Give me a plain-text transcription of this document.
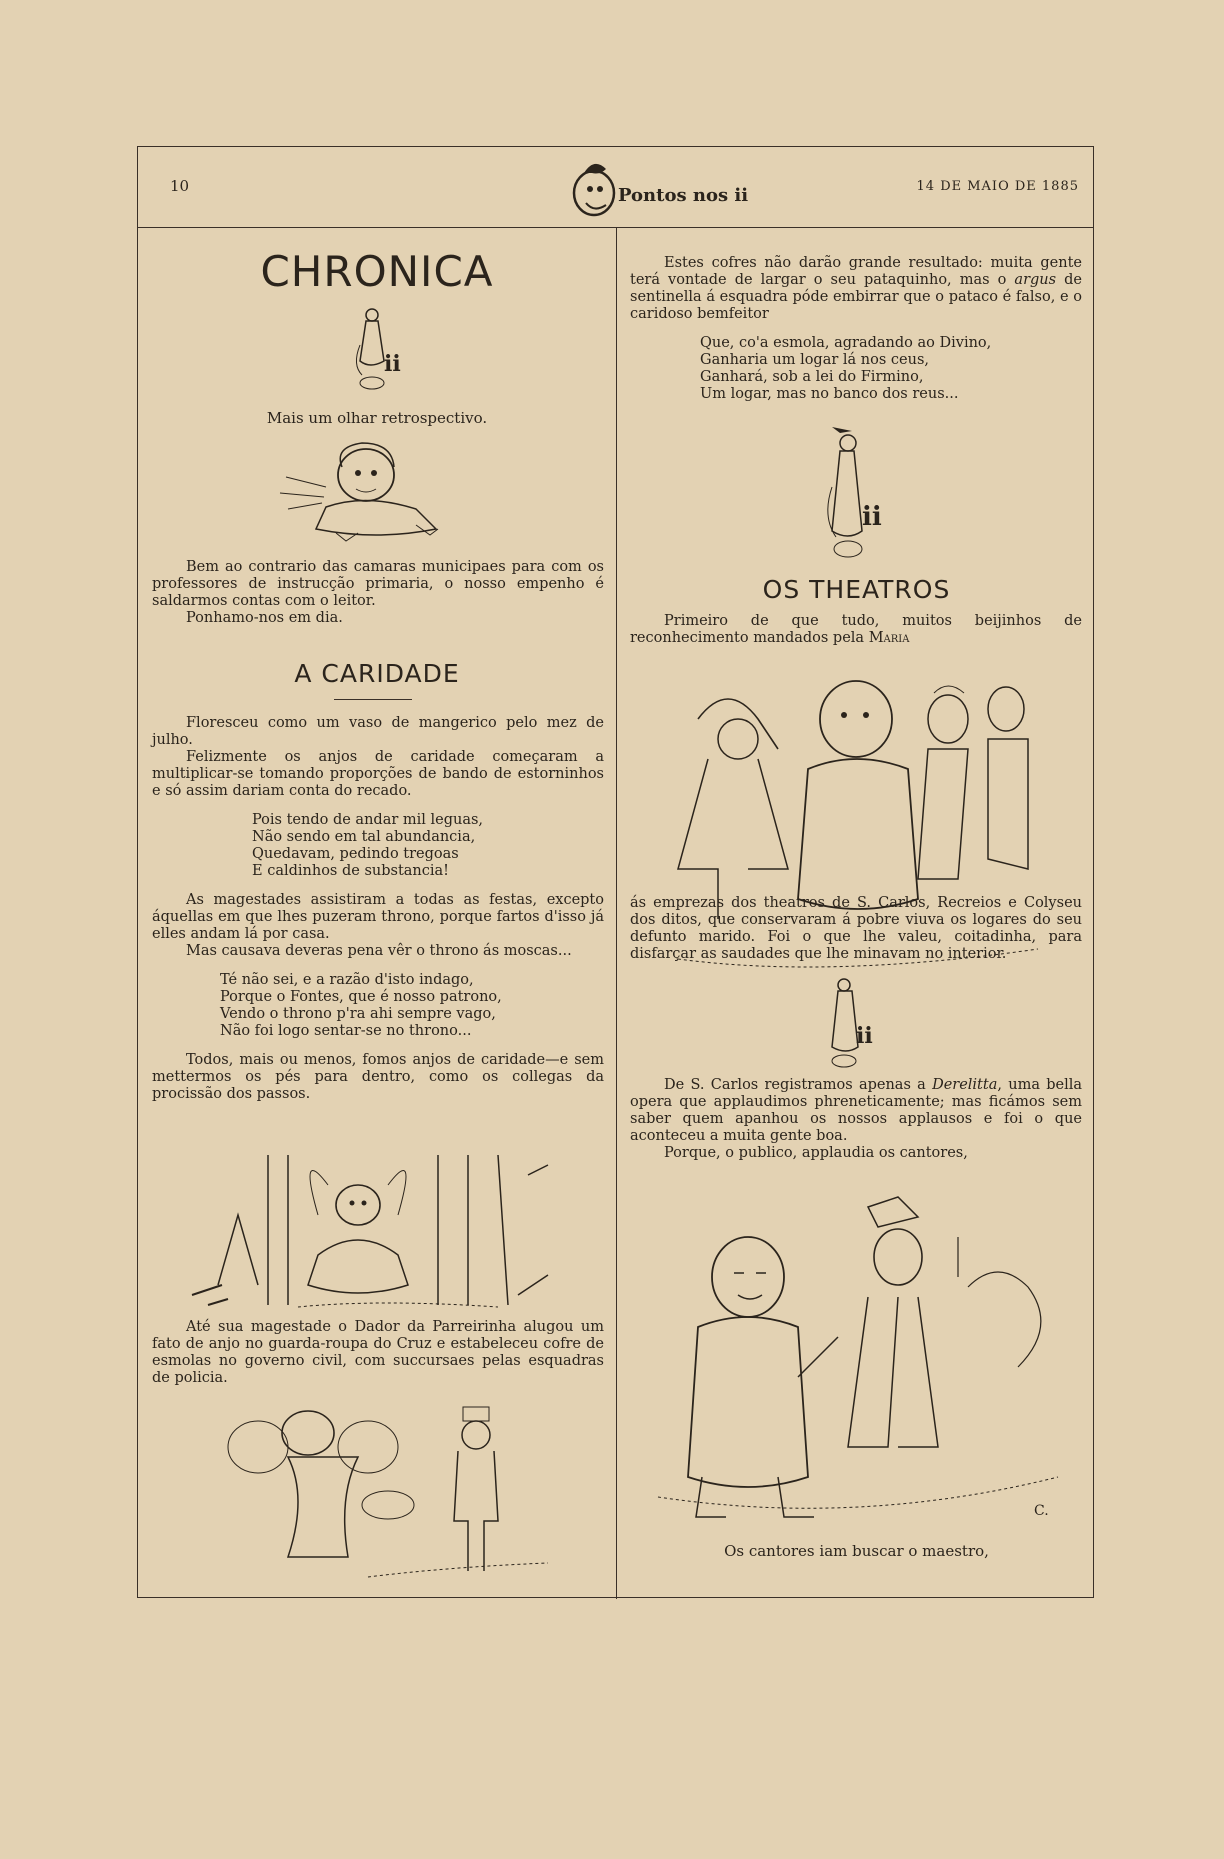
10	Pontos nos ii	14 DE MAIO DE 1885
CHRONICA
ii
Mais um olhar retrospectivo.

Bem ao contrario das camaras municipaes para com os professores de instrucção primaria, o nosso empenho é saldarmos contas com o leitor.

Ponhamo-nos em dia.

A CARIDADE

Floresceu como um vaso de mangerico pelo mez de julho.

Felizmente os anjos de caridade começaram a multiplicar-se tomando proporções de bando de estorninhos e só assim dariam conta do recado.

Pois tendo de andar mil leguas,
Não sendo em tal abundancia,
Quedavam, pedindo tregoas
E caldinhos de substancia!

As magestades assistiram a todas as festas, excepto áquellas em que lhes puzeram throno, porque fartos d'isso já elles andam lá por casa.

Mas causava deveras pena vêr o throno ás moscas...

Té não sei, e a razão d'isto indago,
Porque o Fontes, que é nosso patrono,
Vendo o throno p'ra ahi sempre vago,
Não foi logo sentar-se no throno...

Todos, mais ou menos, fomos anjos de caridade—e sem mettermos os pés para dentro, como os collegas da procissão dos passos.

Até sua magestade o Dador da Parreirinha alugou um fato de anjo no guarda-roupa do Cruz e estabeleceu cofre de esmolas no governo civil, com succursaes pelas esquadras de policia.

Estes cofres não darão grande resultado: muita gente terá vontade de largar o seu pataquinho, mas o argus de sentinella á esquadra póde embirrar que o pataco é falso, e o caridoso bemfeitor

Que, co'a esmola, agradando ao Divino,
Ganharia um logar lá nos ceus,
Ganhará, sob a lei do Firmino,
Um logar, mas no banco dos reus...
ii
OS THEATROS

Primeiro de que tudo, muitos beijinhos de reconhecimento mandados pela Maria

ás emprezas dos theatros de S. Carlos, Recreios e Colyseu dos ditos, que conservaram á pobre viuva os logares do seu defunto marido. Foi o que lhe valeu, coitadinha, para disfarçar as saudades que lhe minavam no interior.

ii

De S. Carlos registramos apenas a Derelitta, uma bella opera que applaudimos phreneticamente; mas ficámos sem saber quem apanhou os nossos applausos e foi o que aconteceu a muita gente boa.

Porque, o publico, applaudia os cantores,

C.
Os cantores iam buscar o maestro,
